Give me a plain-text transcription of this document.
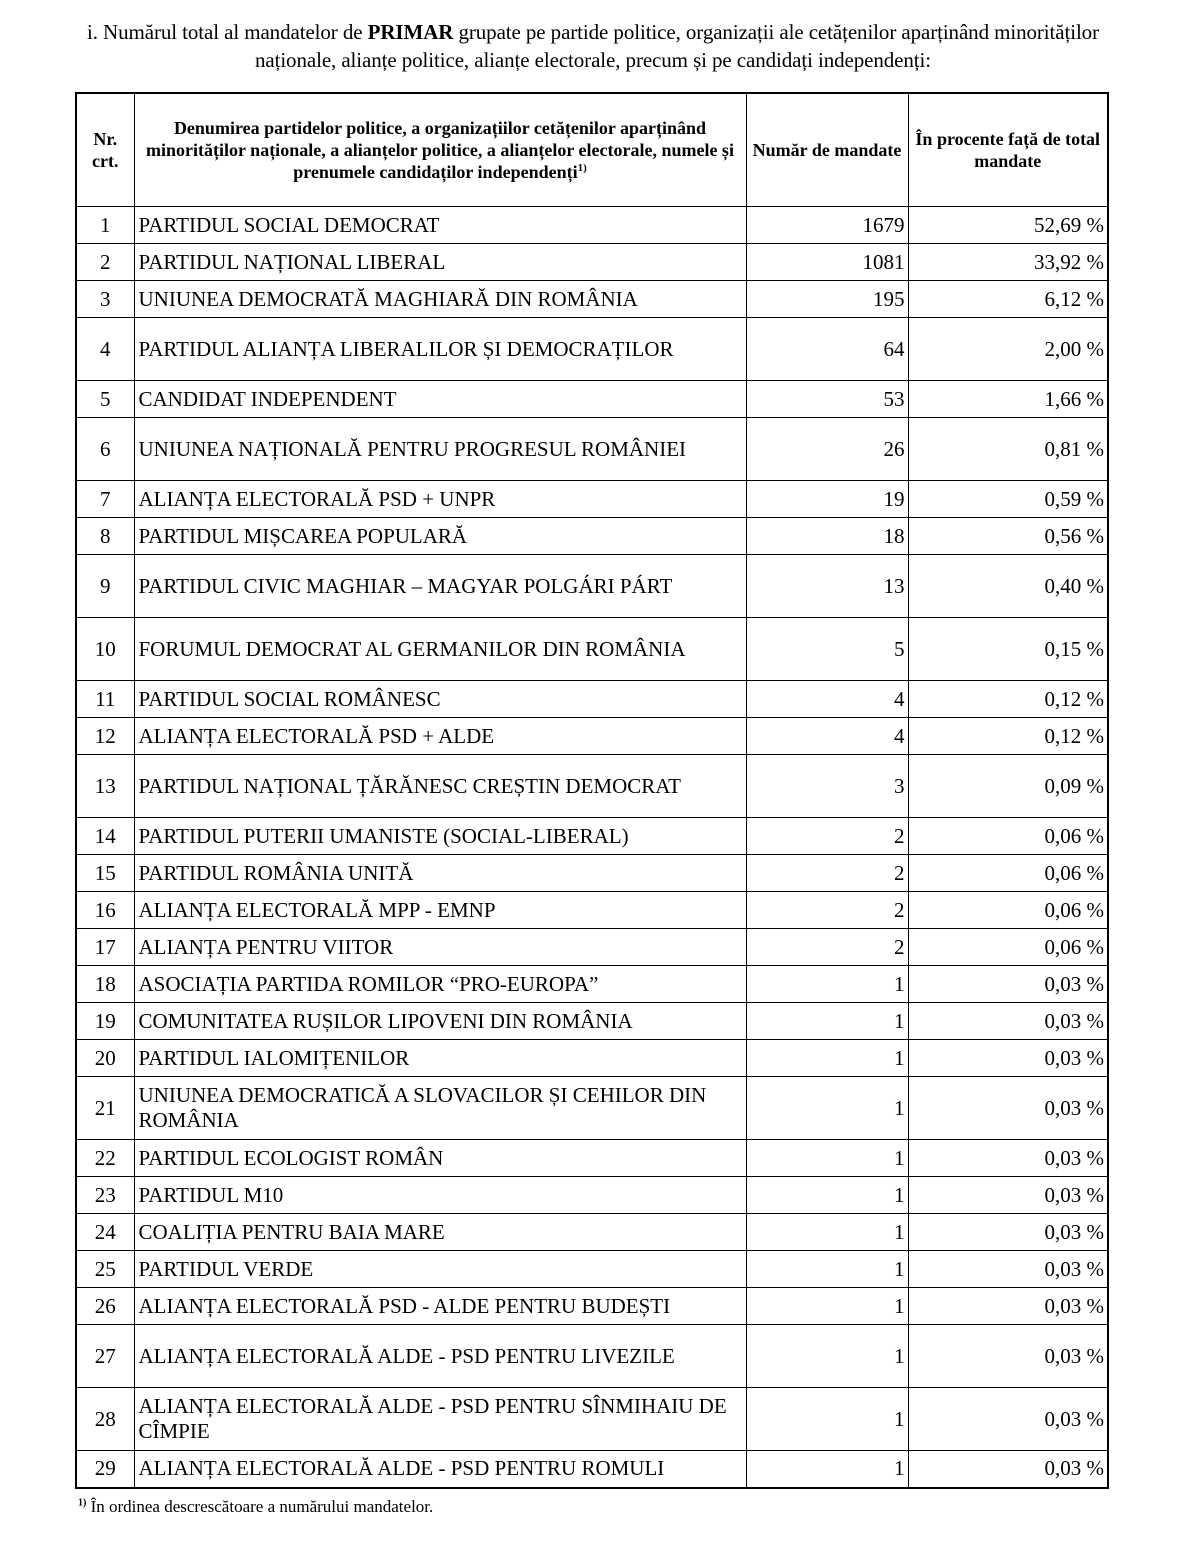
i. Numărul total al mandatelor de PRIMAR grupate pe partide politice, organizații ale cetățenilor aparținând minorităților naționale, alianțe politice, alianțe electorale, precum și pe candidați independenți:
Nr. crt.	Denumirea partidelor politice, a organizațiilor cetățenilor aparținând minorităților naționale, a alianțelor politice, a alianțelor electorale, numele și prenumele candidaților independenți$^{1)}$	Număr de mandate	În procente față de total mandate
1	PARTIDUL SOCIAL DEMOCRAT	1679	52,69 %
2	PARTIDUL NAȚIONAL LIBERAL	1081	33,92 %
3	UNIUNEA DEMOCRATĂ MAGHIARĂ DIN ROMÂNIA	195	6,12 %
4	PARTIDUL ALIANȚA LIBERALILOR ȘI DEMOCRAȚILOR	64	2,00 %
5	CANDIDAT INDEPENDENT	53	1,66 %
6	UNIUNEA NAȚIONALĂ PENTRU PROGRESUL ROMÂNIEI	26	0,81 %
7	ALIANȚA ELECTORALĂ PSD + UNPR	19	0,59 %
8	PARTIDUL MIȘCAREA POPULARĂ	18	0,56 %
9	PARTIDUL CIVIC MAGHIAR – MAGYAR POLGÁRI PÁRT	13	0,40 %
10	FORUMUL DEMOCRAT AL GERMANILOR DIN ROMÂNIA	5	0,15 %
11	PARTIDUL SOCIAL ROMÂNESC	4	0,12 %
12	ALIANȚA ELECTORALĂ PSD + ALDE	4	0,12 %
13	PARTIDUL NAȚIONAL ȚĂRĂNESC CREȘTIN DEMOCRAT	3	0,09 %
14	PARTIDUL PUTERII UMANISTE (SOCIAL-LIBERAL)	2	0,06 %
15	PARTIDUL ROMÂNIA UNITĂ	2	0,06 %
16	ALIANȚA ELECTORALĂ MPP - EMNP	2	0,06 %
17	ALIANȚA PENTRU VIITOR	2	0,06 %
18	ASOCIAȚIA PARTIDA ROMILOR “PRO-EUROPA”	1	0,03 %
19	COMUNITATEA RUȘILOR LIPOVENI DIN ROMÂNIA	1	0,03 %
20	PARTIDUL IALOMIȚENILOR	1	0,03 %
21	UNIUNEA DEMOCRATICĂ A SLOVACILOR ȘI CEHILOR DIN ROMÂNIA	1	0,03 %
22	PARTIDUL ECOLOGIST ROMÂN	1	0,03 %
23	PARTIDUL M10	1	0,03 %
24	COALIȚIA PENTRU BAIA MARE	1	0,03 %
25	PARTIDUL VERDE	1	0,03 %
26	ALIANȚA ELECTORALĂ PSD - ALDE PENTRU BUDEȘTI	1	0,03 %
27	ALIANȚA ELECTORALĂ ALDE - PSD PENTRU LIVEZILE	1	0,03 %
28	ALIANȚA ELECTORALĂ ALDE - PSD PENTRU SÎNMIHAIU DE CÎMPIE	1	0,03 %
29	ALIANȚA ELECTORALĂ ALDE - PSD PENTRU ROMULI	1	0,03 %
$^{1)}$ În ordinea descrescătoare a numărului mandatelor.
